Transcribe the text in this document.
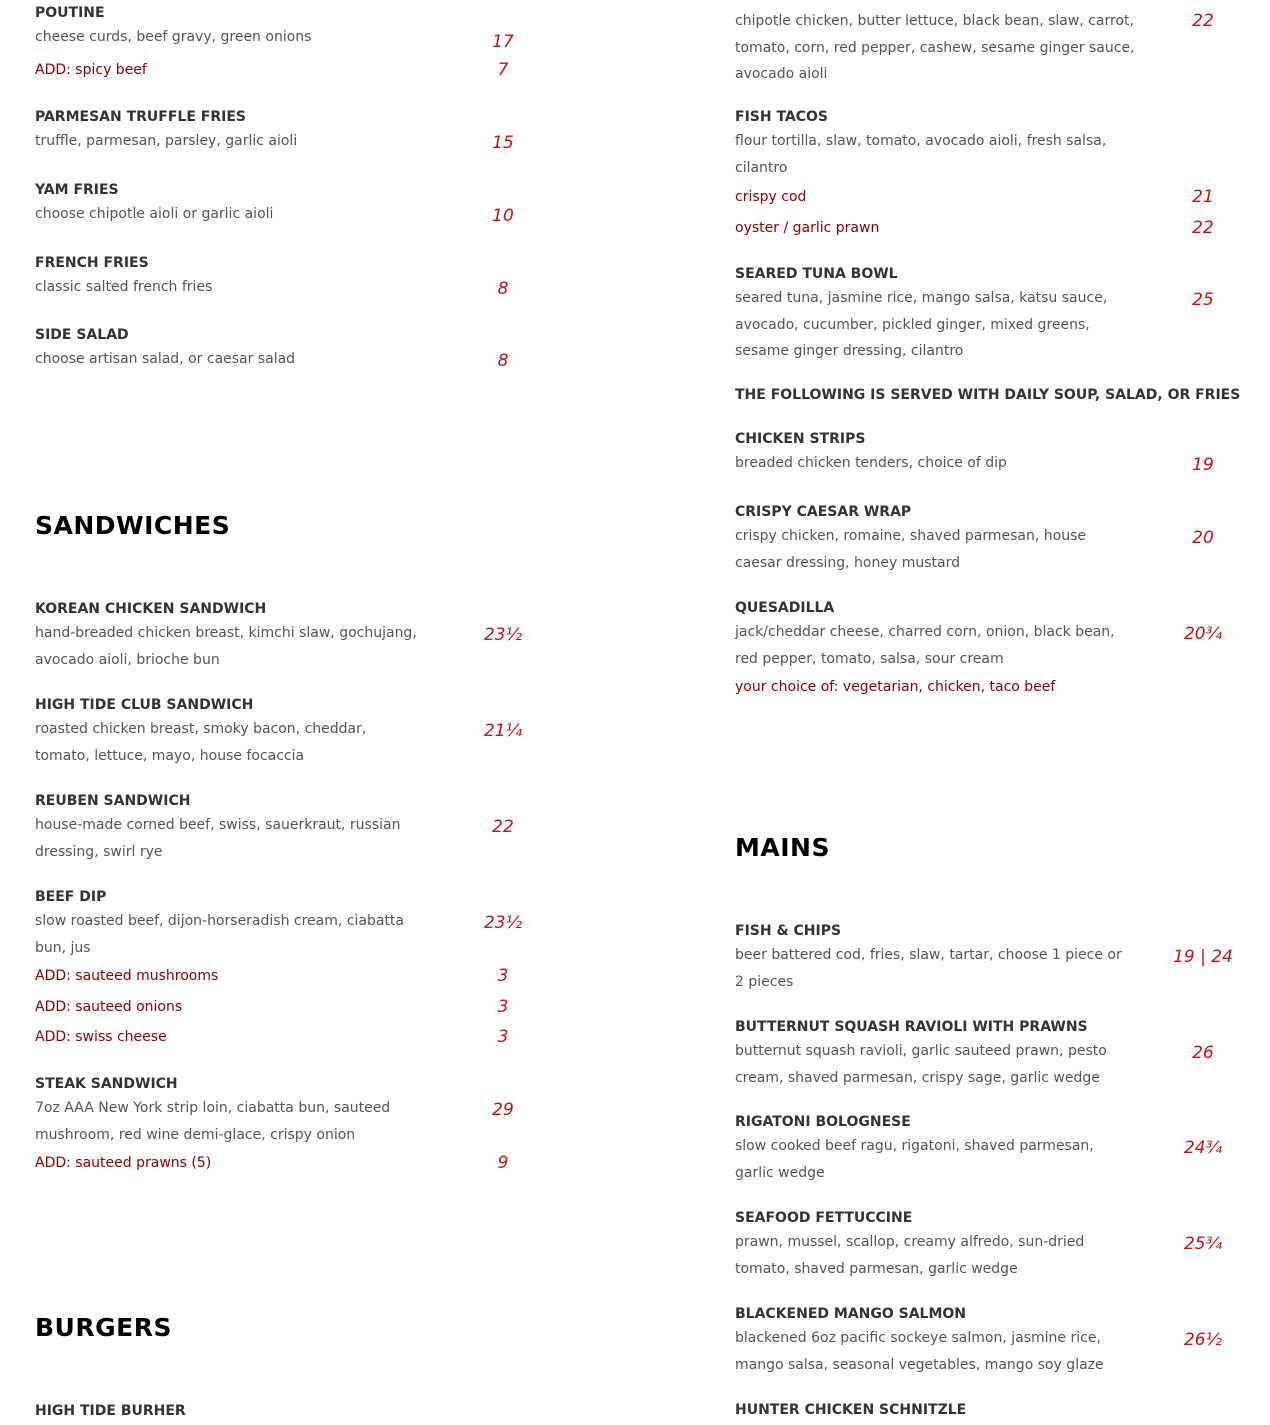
POUTINE
cheese curds, beef gravy, green onions	17
ADD: spicy beef	7
PARMESAN TRUFFLE FRIES
truffle, parmesan, parsley, garlic aioli	15
YAM FRIES
choose chipotle aioli or garlic aioli	10
FRENCH FRIES
classic salted french fries	8
SIDE SALAD
choose artisan salad, or caesar salad	8
SANDWICHES
KOREAN CHICKEN SANDWICH
hand-breaded chicken breast, kimchi slaw, gochujang, avocado aioli, brioche bun
23½
HIGH TIDE CLUB SANDWICH
roasted chicken breast, smoky bacon, cheddar, tomato, lettuce, mayo, house focaccia
21¼
REUBEN SANDWICH
house-made corned beef, swiss, sauerkraut, russian dressing, swirl rye
22
BEEF DIP
slow roasted beef, dijon-horseradish cream, ciabatta bun, jus
23½
ADD: sauteed mushrooms	3
ADD: sauteed onions	3
ADD: swiss cheese	3
STEAK SANDWICH
7oz AAA New York strip loin, ciabatta bun, sauteed mushroom, red wine demi-glace, crispy onion
29
ADD: sauteed prawns (5)	9
BURGERS
HIGH TIDE BURHER
chipotle chicken, butter lettuce, black bean, slaw, carrot, tomato, corn, red pepper, cashew, sesame ginger sauce, avocado aioli
22
FISH TACOS
flour tortilla, slaw, tomato, avocado aioli, fresh salsa, cilantro
crispy cod	21
oyster / garlic prawn	22
SEARED TUNA BOWL
seared tuna, jasmine rice, mango salsa, katsu sauce, avocado, cucumber, pickled ginger, mixed greens, sesame ginger dressing, cilantro
25
THE FOLLOWING IS SERVED WITH DAILY SOUP, SALAD, OR FRIES
CHICKEN STRIPS
breaded chicken tenders, choice of dip	19
CRISPY CAESAR WRAP
crispy chicken, romaine, shaved parmesan, house caesar dressing, honey mustard
20
QUESADILLA
jack/cheddar cheese, charred corn, onion, black bean, red pepper, tomato, salsa, sour cream
20¾
your choice of: vegetarian, chicken, taco beef
MAINS
FISH & CHIPS
beer battered cod, fries, slaw, tartar, choose 1 piece or 2 pieces
19 | 24
BUTTERNUT SQUASH RAVIOLI WITH PRAWNS
butternut squash ravioli, garlic sauteed prawn, pesto cream, shaved parmesan, crispy sage, garlic wedge
26
RIGATONI BOLOGNESE
slow cooked beef ragu, rigatoni, shaved parmesan, garlic wedge
24¾
SEAFOOD FETTUCCINE
prawn, mussel, scallop, creamy alfredo, sun-dried tomato, shaved parmesan, garlic wedge
25¾
BLACKENED MANGO SALMON
blackened 6oz pacific sockeye salmon, jasmine rice, mango salsa, seasonal vegetables, mango soy glaze
26½
HUNTER CHICKEN SCHNITZLE
